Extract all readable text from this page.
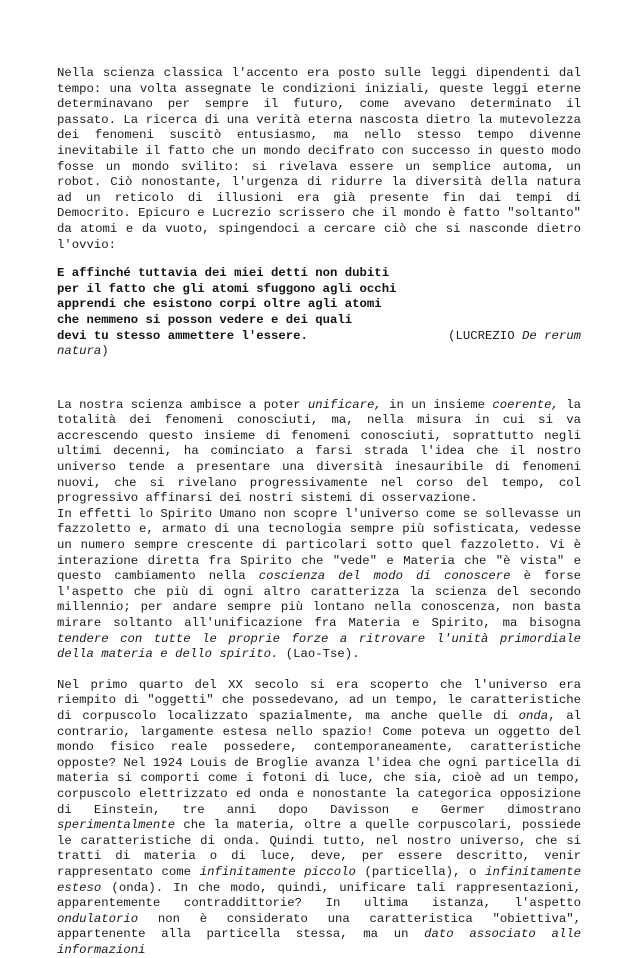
Nella scienza classica l'accento era posto sulle leggi dipendenti dal tempo: una volta assegnate le condizioni iniziali, queste leggi eterne determinavano per sempre il futuro, come avevano determinato il passato. La ricerca di una verità eterna nascosta dietro la mutevolezza dei fenomeni suscitò entusiasmo, ma nello stesso tempo divenne inevitabile il fatto che un mondo decifrato con successo in questo modo fosse un mondo svilito: si rivelava essere un semplice automa, un robot. Ciò nonostante, l'urgenza di ridurre la diversità della natura ad un reticolo di illusioni era già presente fin dai tempi di Democrito. Epicuro e Lucrezio scrissero che il mondo è fatto "soltanto" da atomi e da vuoto, spingendoci a cercare ciò che si nasconde dietro l'ovvio:

E affinché tuttavia dei miei detti non dubiti
per il fatto che gli atomi sfuggono agli occhi
apprendi che esistono corpi oltre agli atomi
che nemmeno si posson vedere e dei quali
devi tu stesso ammettere l'essere.	(LUCREZIO De rerum
natura)

La nostra scienza ambisce a poter unificare, in un insieme coerente, la totalità dei fenomeni conosciuti, ma, nella misura in cui si va accrescendo questo insieme di fenomeni conosciuti, soprattutto negli ultimi decenni, ha cominciato a farsi strada l'idea che il nostro universo tende a presentare una diversità inesauribile di fenomeni nuovi, che si rivelano progressivamente nel corso del tempo, col progressivo affinarsi dei nostri sistemi di osservazione.

In effetti lo Spirito Umano non scopre l'universo come se sollevasse un fazzoletto e, armato di una tecnologia sempre più sofisticata, vedesse un numero sempre crescente di particolari sotto quel fazzoletto. Vi è interazione diretta fra Spirito che "vede" e Materia che "è vista" e questo cambiamento nella coscienza del modo di conoscere è forse l'aspetto che più di ogni altro caratterizza la scienza del secondo millennio; per andare sempre più lontano nella conoscenza, non basta mirare soltanto all'unificazione fra Materia e Spirito, ma bisogna tendere con tutte le proprie forze a ritrovare l'unità primordiale della materia e dello spirito. (Lao-Tse).

Nel primo quarto del XX secolo si era scoperto che l'universo era riempito di "oggetti" che possedevano, ad un tempo, le caratteristiche di corpuscolo localizzato spazialmente, ma anche quelle di onda, al contrario, largamente estesa nello spazio! Come poteva un oggetto del mondo fisico reale possedere, contemporaneamente, caratteristiche opposte? Nel 1924 Louis de Broglie avanza l'idea che ogni particella di materia si comporti come i fotoni di luce, che sia, cioè ad un tempo, corpuscolo elettrizzato ed onda e nonostante la categorica opposizione di Einstein, tre anni dopo Davisson e Germer dimostrano sperimentalmente che la materia, oltre a quelle corpuscolari, possiede le caratteristiche di onda. Quindi tutto, nel nostro universo, che si tratti di materia o di luce, deve, per essere descritto, venir rappresentato come infinitamente piccolo (particella), o infinitamente esteso (onda). In che modo, quindi, unificare tali rappresentazioni, apparentemente contraddittorie? In ultima istanza, l'aspetto ondulatorio non è considerato una caratteristica "obiettiva", appartenente alla particella stessa, ma un dato associato alle informazioni
